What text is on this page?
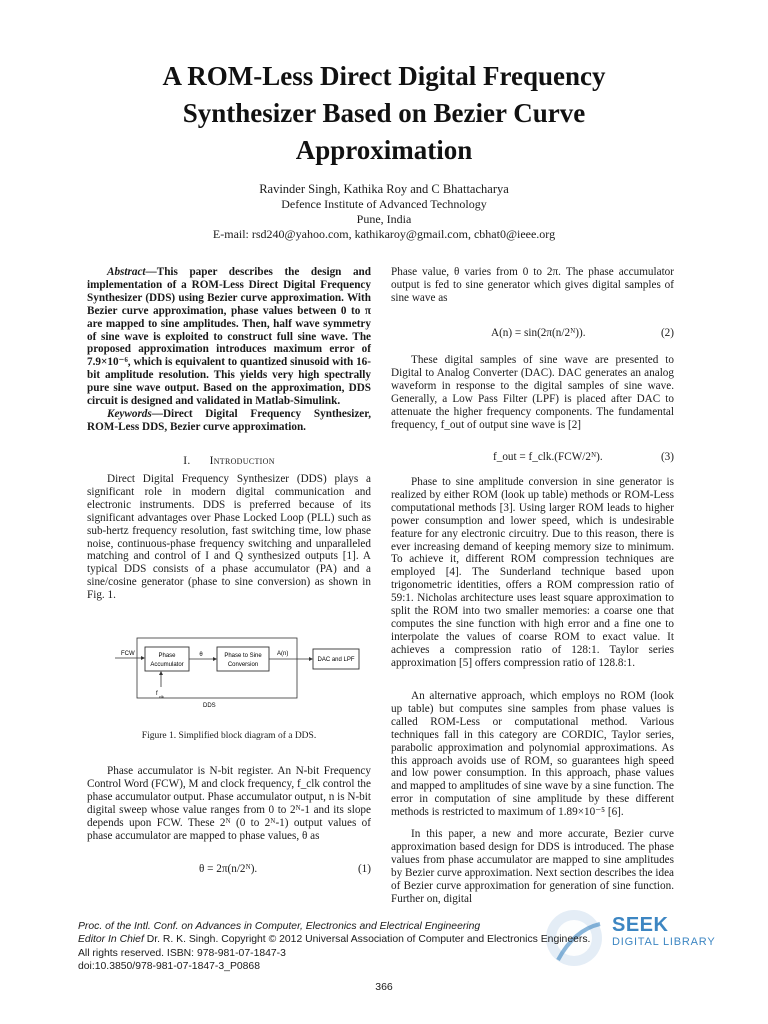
A ROM-Less Direct Digital Frequency
Synthesizer Based on Bezier Curve
Approximation
Ravinder Singh, Kathika Roy and C Bhattacharya
Defence Institute of Advanced Technology
Pune, India
E-mail: rsd240@yahoo.com, kathikaroy@gmail.com, cbhat0@ieee.org

Abstract—This paper describes the design and implementation of a ROM-Less Direct Digital Frequency Synthesizer (DDS) using Bezier curve approximation. With Bezier curve approximation, phase values between 0 to π are mapped to sine amplitudes. Then, half wave symmetry of sine wave is exploited to construct full sine wave. The proposed approximation introduces maximum error of 7.9×10⁻⁶, which is equivalent to quantized sinusoid with 16-bit amplitude resolution. This yields very high spectrally pure sine wave output. Based on the approximation, DDS circuit is designed and validated in Matlab-Simulink.

Keywords—Direct Digital Frequency Synthesizer, ROM-Less DDS, Bezier curve approximation.

I. Introduction

Direct Digital Frequency Synthesizer (DDS) plays a significant role in modern digital communication and electronic instruments. DDS is preferred because of its significant advantages over Phase Locked Loop (PLL) such as sub-hertz frequency resolution, fast switching time, low phase noise, continuous-phase frequency switching and unparalleled matching and control of I and Q synthesized outputs [1]. A typical DDS consists of a phase accumulator (PA) and a sine/cosine generator (phase to sine conversion) as shown in Fig. 1.

FCW	Phase
Accumulator
θ	Phase to Sine
Conversion
A(n)
DAC and LPF
f clk
DDS
Figure 1. Simplified block diagram of a DDS.

Phase accumulator is N-bit register. An N-bit Frequency Control Word (FCW), M and clock frequency, f_clk control the phase accumulator output. Phase accumulator output, n is N-bit digital sweep whose value ranges from 0 to 2ᴺ-1 and its slope depends upon FCW. These 2ᴺ (0 to 2ᴺ-1) output values of phase accumulator are mapped to phase values, θ as

θ = 2π(n/2ᴺ).	(1)

Phase value, θ varies from 0 to 2π. The phase accumulator output is fed to sine generator which gives digital samples of sine wave as

A(n) = sin(2π(n/2ᴺ)).	(2)

These digital samples of sine wave are presented to Digital to Analog Converter (DAC). DAC generates an analog waveform in response to the digital samples of sine wave. Generally, a Low Pass Filter (LPF) is placed after DAC to attenuate the higher frequency components. The fundamental frequency, f_out of output sine wave is [2]

f_out = f_clk.(FCW/2ᴺ).	(3)

Phase to sine amplitude conversion in sine generator is realized by either ROM (look up table) methods or ROM-Less computational methods [3]. Using larger ROM leads to higher power consumption and lower speed, which is undesirable feature for any electronic circuitry. Due to this reason, there is ever increasing demand of keeping memory size to minimum. To achieve it, different ROM compression techniques are employed [4]. The Sunderland technique based upon trigonometric identities, offers a ROM compression ratio of 59:1. Nicholas architecture uses least square approximation to split the ROM into two smaller memories: a coarse one that computes the sine function with high error and a fine one to interpolate the values of coarse ROM to exact value. It achieves a compression ratio of 128:1. Taylor series approximation [5] offers compression ratio of 128.8:1.

An alternative approach, which employs no ROM (look up table) but computes sine samples from phase values is called ROM-Less or computational method. Various techniques fall in this category are CORDIC, Taylor series, parabolic approximation and polynomial approximations. As this approach avoids use of ROM, so guarantees high speed and low power consumption. In this approach, phase values and mapped to amplitudes of sine wave by a sine function. The error in computation of sine amplitude by these different methods is restricted to maximum of 1.89×10⁻⁵ [6].

In this paper, a new and more accurate, Bezier curve approximation based design for DDS is introduced. The phase values from phase accumulator are mapped to sine amplitudes by Bezier curve approximation. Next section describes the idea of Bezier curve approximation for generation of sine function. Further on, digital

SEEK
DIGITAL LIBRARY
Proc. of the Intl. Conf. on Advances in Computer, Electronics and Electrical Engineering
Editor In Chief Dr. R. K. Singh. Copyright © 2012 Universal Association of Computer and Electronics Engineers.
All rights reserved. ISBN: 978-981-07-1847-3
doi:10.3850/978-981-07-1847-3_P0868
366
